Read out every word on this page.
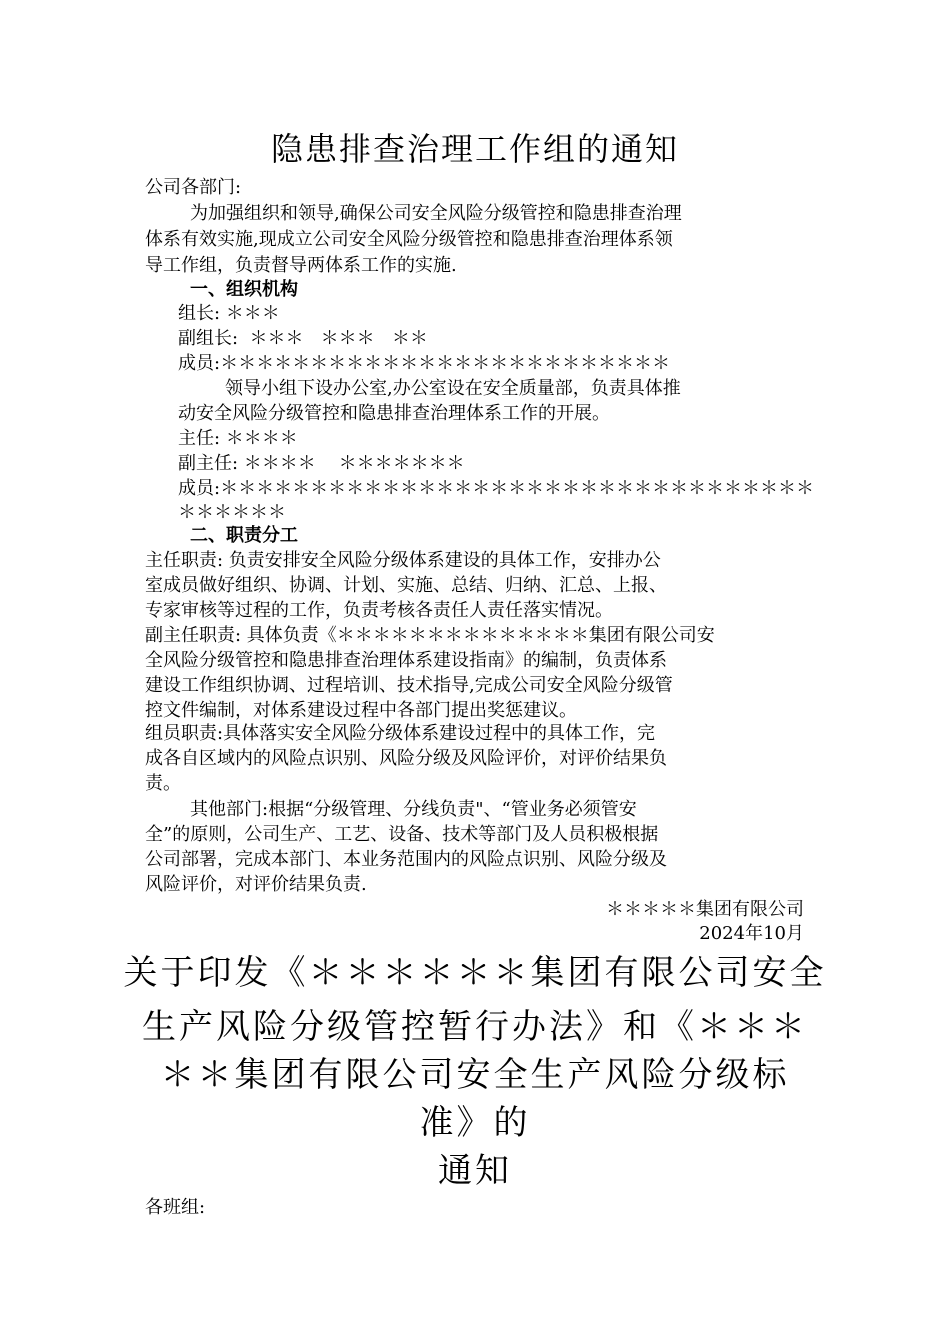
隐患排查治理工作组的通知
公司各部门:
为加强组织和领导,确保公司安全风险分级管控和隐患排查治理
体系有效实施,现成立公司安全风险分级管控和隐患排查治理体系领
导工作组，负责督导两体系工作的实施.
一、组织机构
组长: ＊＊＊
副组长:  ＊＊＊   ＊＊＊   ＊＊
成员:＊＊＊＊＊＊＊＊＊＊＊＊＊＊＊＊＊＊＊＊＊＊＊＊＊
领导小组下设办公室,办公室设在安全质量部，负责具体推
动安全风险分级管控和隐患排查治理体系工作的开展。
主任: ＊＊＊＊
副主任: ＊＊＊＊    ＊＊＊＊＊＊＊
成员:＊＊＊＊＊＊＊＊＊＊＊＊＊＊＊＊＊＊＊＊＊＊＊＊＊＊＊＊＊＊＊＊＊
＊＊＊＊＊＊
二、职责分工
主任职责: 负责安排安全风险分级体系建设的具体工作，安排办公
室成员做好组织、协调、计划、实施、总结、归纳、汇总、上报、
专家审核等过程的工作，负责考核各责任人责任落实情况。
副主任职责: 具体负责《＊＊＊＊＊＊＊＊＊＊＊＊＊＊集团有限公司安
全风险分级管控和隐患排查治理体系建设指南》的编制，负责体系
建设工作组织协调、过程培训、技术指导,完成公司安全风险分级管
控文件编制，对体系建设过程中各部门提出奖惩建议。
组员职责:具体落实安全风险分级体系建设过程中的具体工作，完
成各自区域内的风险点识别、风险分级及风险评价，对评价结果负
责。
其他部门:根据“分级管理、分线负责"、“管业务必须管安
全”的原则，公司生产、工艺、设备、技术等部门及人员积极根据
公司部署，完成本部门、本业务范围内的风险点识别、风险分级及
风险评价，对评价结果负责.
＊＊＊＊＊集团有限公司
2024年10月
关于印发《＊＊＊＊＊＊集团有限公司安全
生产风险分级管控暂行办法》和《＊＊＊
＊＊集团有限公司安全生产风险分级标
准》的
通知
各班组:
